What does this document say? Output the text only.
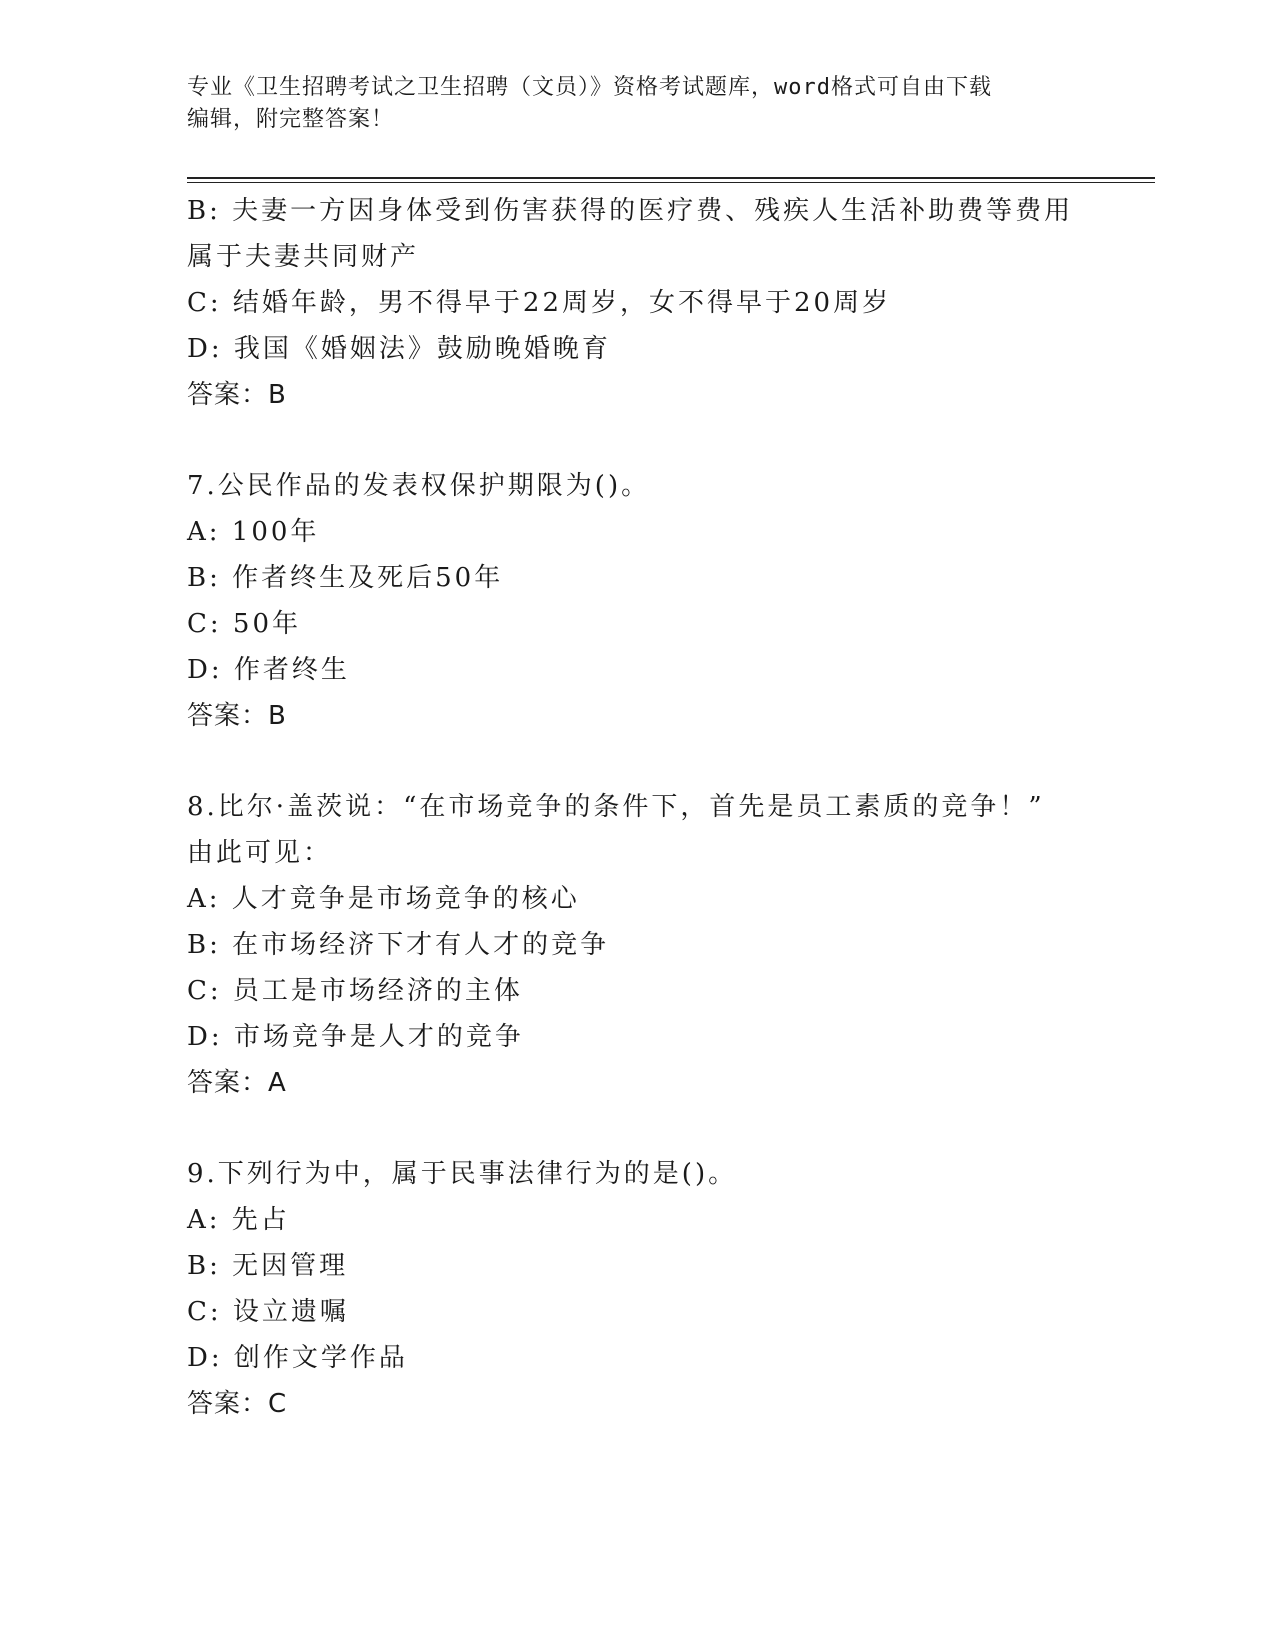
专业《卫生招聘考试之卫生招聘（文员）》资格考试题库，word格式可自由下载
编辑，附完整答案！
B: 夫妻一方因身体受到伤害获得的医疗费、残疾人生活补助费等费用
属于夫妻共同财产
C: 结婚年龄，男不得早于22周岁，女不得早于20周岁
D: 我国《婚姻法》鼓励晚婚晚育
答案：B
7.公民作品的发表权保护期限为()。
A: 100年
B: 作者终生及死后50年
C: 50年
D: 作者终生
答案：B
8.比尔·盖茨说：“在市场竞争的条件下，首先是员工素质的竞争！”
由此可见：
A: 人才竞争是市场竞争的核心
B: 在市场经济下才有人才的竞争
C: 员工是市场经济的主体
D: 市场竞争是人才的竞争
答案：A
9.下列行为中，属于民事法律行为的是()。
A: 先占
B: 无因管理
C: 设立遗嘱
D: 创作文学作品
答案：C
